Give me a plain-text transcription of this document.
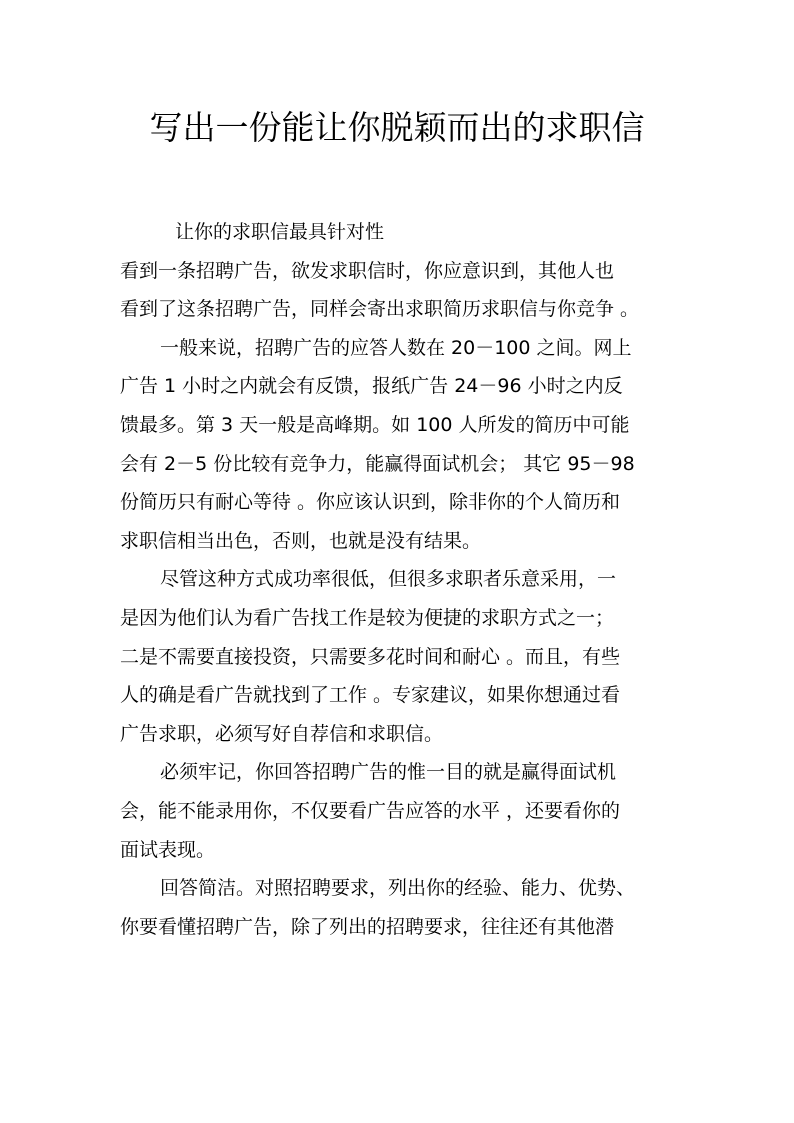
写出一份能让你脱颖而出的求职信

让你的求职信最具针对性

看到一条招聘广告，欲发求职信时，你应意识到，其他人也

看到了这条招聘广告，同样会寄出求职简历求职信与你竞争 。

一般来说，招聘广告的应答人数在 20－100 之间。网上

广告 1 小时之内就会有反馈，报纸广告 24－96 小时之内反

馈最多。第 3 天一般是高峰期。如 100 人所发的简历中可能

会有 2－5 份比较有竞争力，能赢得面试机会； 其它 95－98

份简历只有耐心等待 。你应该认识到，除非你的个人简历和

求职信相当出色，否则，也就是没有结果。

尽管这种方式成功率很低，但很多求职者乐意采用，一

是因为他们认为看广告找工作是较为便捷的求职方式之一；

二是不需要直接投资，只需要多花时间和耐心 。而且，有些

人的确是看广告就找到了工作 。专家建议，如果你想通过看

广告求职，必须写好自荐信和求职信。

必须牢记，你回答招聘广告的惟一目的就是赢得面试机

会，能不能录用你，不仅要看广告应答的水平 ，还要看你的

面试表现。

回答简洁。对照招聘要求，列出你的经验、能力、优势、

你要看懂招聘广告，除了列出的招聘要求，往往还有其他潜
